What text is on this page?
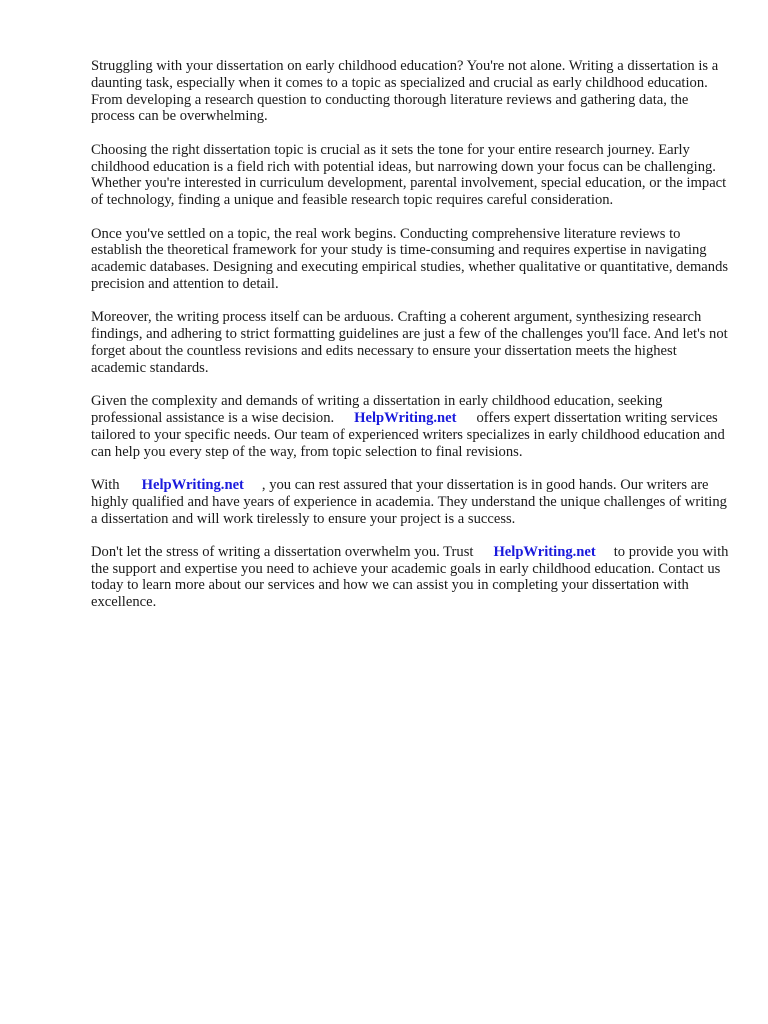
Struggling with your dissertation on early childhood education? You're not alone. Writing a dissertation is a daunting task, especially when it comes to a topic as specialized and crucial as early childhood education. From developing a research question to conducting thorough literature reviews and gathering data, the process can be overwhelming.

Choosing the right dissertation topic is crucial as it sets the tone for your entire research journey. Early childhood education is a field rich with potential ideas, but narrowing down your focus can be challenging. Whether you're interested in curriculum development, parental involvement, special education, or the impact of technology, finding a unique and feasible research topic requires careful consideration.

Once you've settled on a topic, the real work begins. Conducting comprehensive literature reviews to establish the theoretical framework for your study is time-consuming and requires expertise in navigating academic databases. Designing and executing empirical studies, whether qualitative or quantitative, demands precision and attention to detail.

Moreover, the writing process itself can be arduous. Crafting a coherent argument, synthesizing research findings, and adhering to strict formatting guidelines are just a few of the challenges you'll face. And let's not forget about the countless revisions and edits necessary to ensure your dissertation meets the highest academic standards.

Given the complexity and demands of writing a dissertation in early childhood education, seeking professional assistance is a wise decision. HelpWriting.net offers expert dissertation writing services tailored to your specific needs. Our team of experienced writers specializes in early childhood education and can help you every step of the way, from topic selection to final revisions.

With HelpWriting.net , you can rest assured that your dissertation is in good hands. Our writers are highly qualified and have years of experience in academia. They understand the unique challenges of writing a dissertation and will work tirelessly to ensure your project is a success.

Don't let the stress of writing a dissertation overwhelm you. Trust HelpWriting.net to provide you with the support and expertise you need to achieve your academic goals in early childhood education. Contact us today to learn more about our services and how we can assist you in completing your dissertation with excellence.
